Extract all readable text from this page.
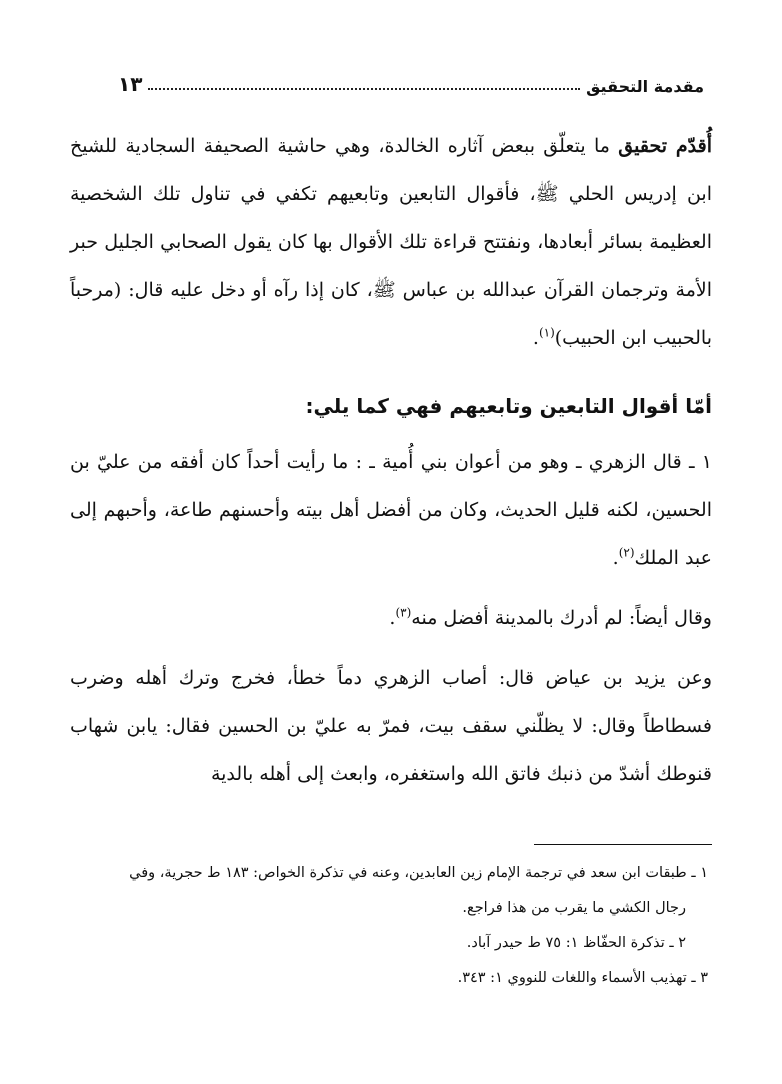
مقدمة التحقيق
١٣

أُقدّم تحقيق ما يتعلّق ببعض آثاره الخالدة، وهي حاشية الصحيفة السجادية للشيخ ابن إدريس الحلي ﷺ، فأقوال التابعين وتابعيهم تكفي في تناول تلك الشخصية العظيمة بسائر أبعادها، ونفتتح قراءة تلك الأقوال بها كان يقول الصحابي الجليل حبر الأمة وترجمان القرآن عبدالله بن عباس ﷺ، كان إذا رآه أو دخل عليه قال: (مرحباً بالحبيب ابن الحبيب)$^{(١)}$.

أمّا أقوال التابعين وتابعيهم فهي كما يلي:

١ ـ قال الزهري ـ وهو من أعوان بني أُمية ـ : ما رأيت أحداً كان أفقه من عليّ بن الحسين، لكنه قليل الحديث، وكان من أفضل أهل بيته وأحسنهم طاعة، وأحبهم إلى عبد الملك$^{(٢)}$.

وقال أيضاً: لم أدرك بالمدينة أفضل منه$^{(٣)}$.

وعن يزيد بن عياض قال: أصاب الزهري دماً خطأ، فخرج وترك أهله وضرب فسطاطاً وقال: لا يظلّني سقف بيت، فمرّ به عليّ بن الحسين فقال: يابن شهاب قنوطك أشدّ من ذنبك فاتق الله واستغفره، وابعث إلى أهله بالدية

١ ـ طبقات ابن سعد في ترجمة الإمام زين العابدين، وعنه في تذكرة الخواص: ١٨٣ ط حجرية، وفي

رجال الكشي ما يقرب من هذا فراجع.

٢ ـ تذكرة الحفّاظ ١: ٧٥ ط حيدر آباد.

٣ ـ تهذيب الأسماء واللغات للنووي ١: ٣٤٣.
